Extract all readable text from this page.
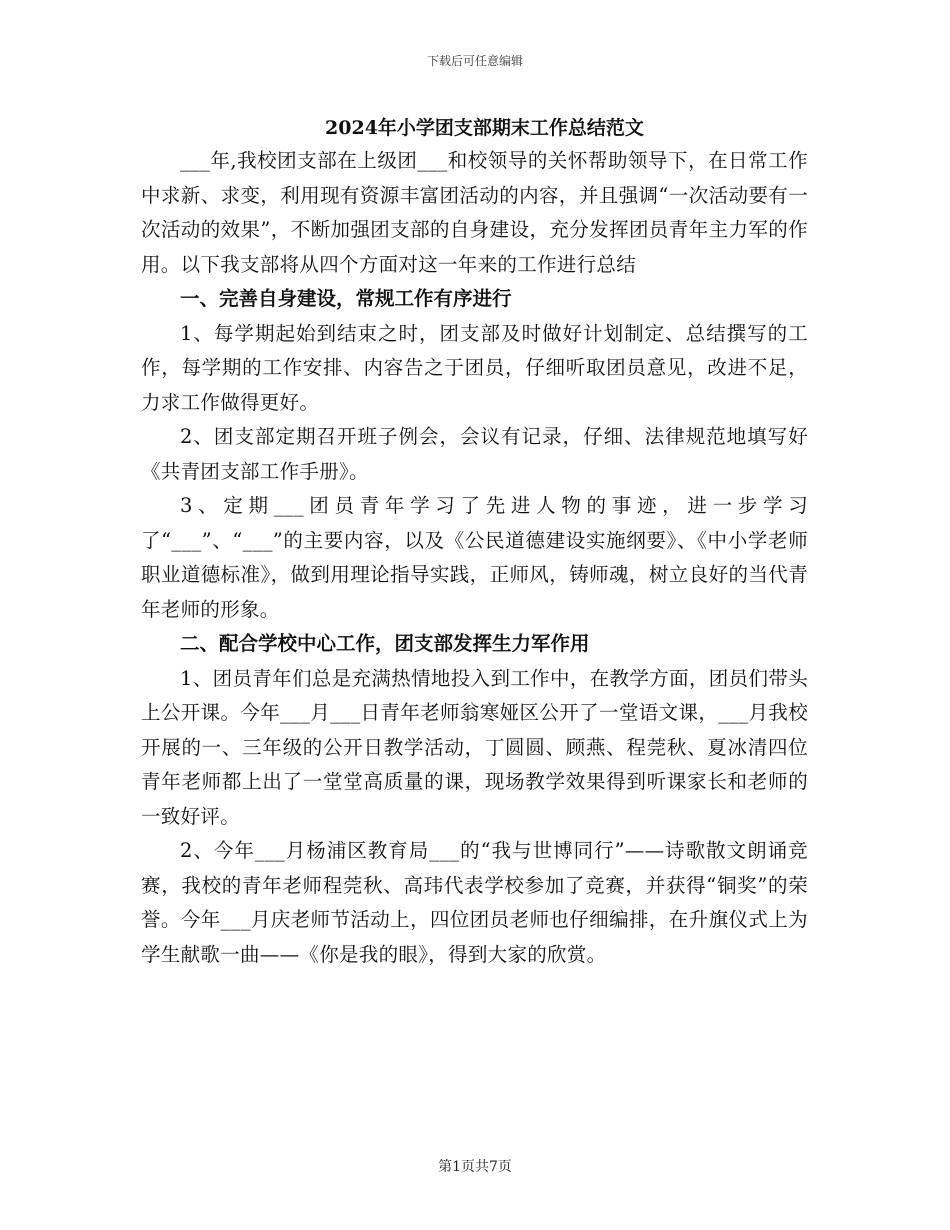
下载后可任意编辑
2024年小学团支部期末工作总结范文

___年,我校团支部在上级团___和校领导的关怀帮助领导下，在日常工作中求新、求变，利用现有资源丰富团活动的内容，并且强调“一次活动要有一次活动的效果”，不断加强团支部的自身建设，充分发挥团员青年主力军的作用。以下我支部将从四个方面对这一年来的工作进行总结

一、完善自身建设，常规工作有序进行

1、每学期起始到结束之时，团支部及时做好计划制定、总结撰写的工作，每学期的工作安排、内容告之于团员，仔细听取团员意见，改进不足，力求工作做得更好。

2、团支部定期召开班子例会，会议有记录，仔细、法律规范地填写好《共青团支部工作手册》。

3、定期___团员青年学习了先进人物的事迹，进一步学习了“___”、“___”的主要内容，以及《公民道德建设实施纲要》、《中小学老师职业道德标准》，做到用理论指导实践，正师风，铸师魂，树立良好的当代青年老师的形象。

二、配合学校中心工作，团支部发挥生力军作用

1、团员青年们总是充满热情地投入到工作中，在教学方面，团员们带头上公开课。今年___月___日青年老师翁寒娅区公开了一堂语文课，___月我校开展的一、三年级的公开日教学活动，丁圆圆、顾燕、程莞秋、夏冰清四位青年老师都上出了一堂堂高质量的课，现场教学效果得到听课家长和老师的一致好评。

2、今年___月杨浦区教育局___的“我与世博同行”——诗歌散文朗诵竞赛，我校的青年老师程莞秋、高玮代表学校参加了竞赛，并获得“铜奖”的荣誉。今年___月庆老师节活动上，四位团员老师也仔细编排，在升旗仪式上为学生献歌一曲——《你是我的眼》，得到大家的欣赏。

第1页共7页
